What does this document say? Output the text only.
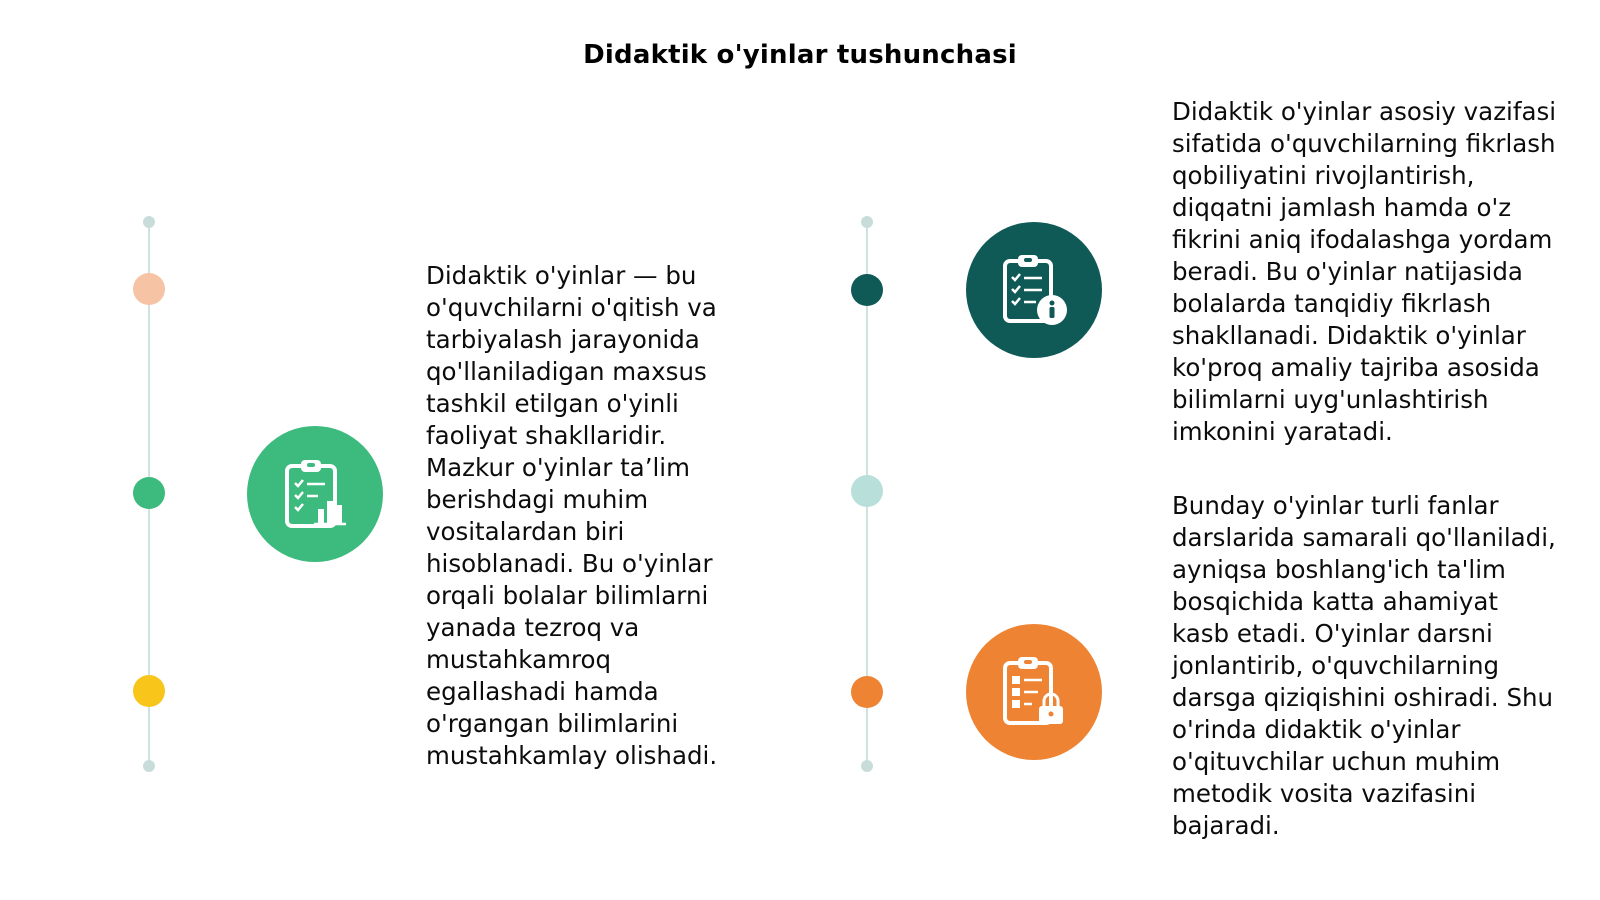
Didaktik o'yinlar tushunchasi
Didaktik o'yinlar — bu o'quvchilarni o'qitish va tarbiyalash jarayonida qo'llaniladigan maxsus tashkil etilgan o'yinli faoliyat shakllaridir. Mazkur o'yinlar ta’lim berishdagi muhim vositalardan biri hisoblanadi. Bu o'yinlar orqali bolalar bilimlarni yanada tezroq va mustahkamroq egallashadi hamda o'rgangan bilimlarini mustahkamlay olishadi.
Didaktik o'yinlar asosiy vazifasi sifatida o'quvchilarning fikrlash qobiliyatini rivojlantirish, diqqatni jamlash hamda o'z fikrini aniq ifodalashga yordam beradi. Bu o'yinlar natijasida bolalarda tanqidiy fikrlash shakllanadi. Didaktik o'yinlar ko'proq amaliy tajriba asosida bilimlarni uyg'unlashtirish imkonini yaratadi.
Bunday o'yinlar turli fanlar darslarida samarali qo'llaniladi, ayniqsa boshlang'ich ta'lim bosqichida katta ahamiyat kasb etadi. O'yinlar darsni jonlantirib, o'quvchilarning darsga qiziqishini oshiradi. Shu o'rinda didaktik o'yinlar o'qituvchilar uchun muhim metodik vosita vazifasini bajaradi.
